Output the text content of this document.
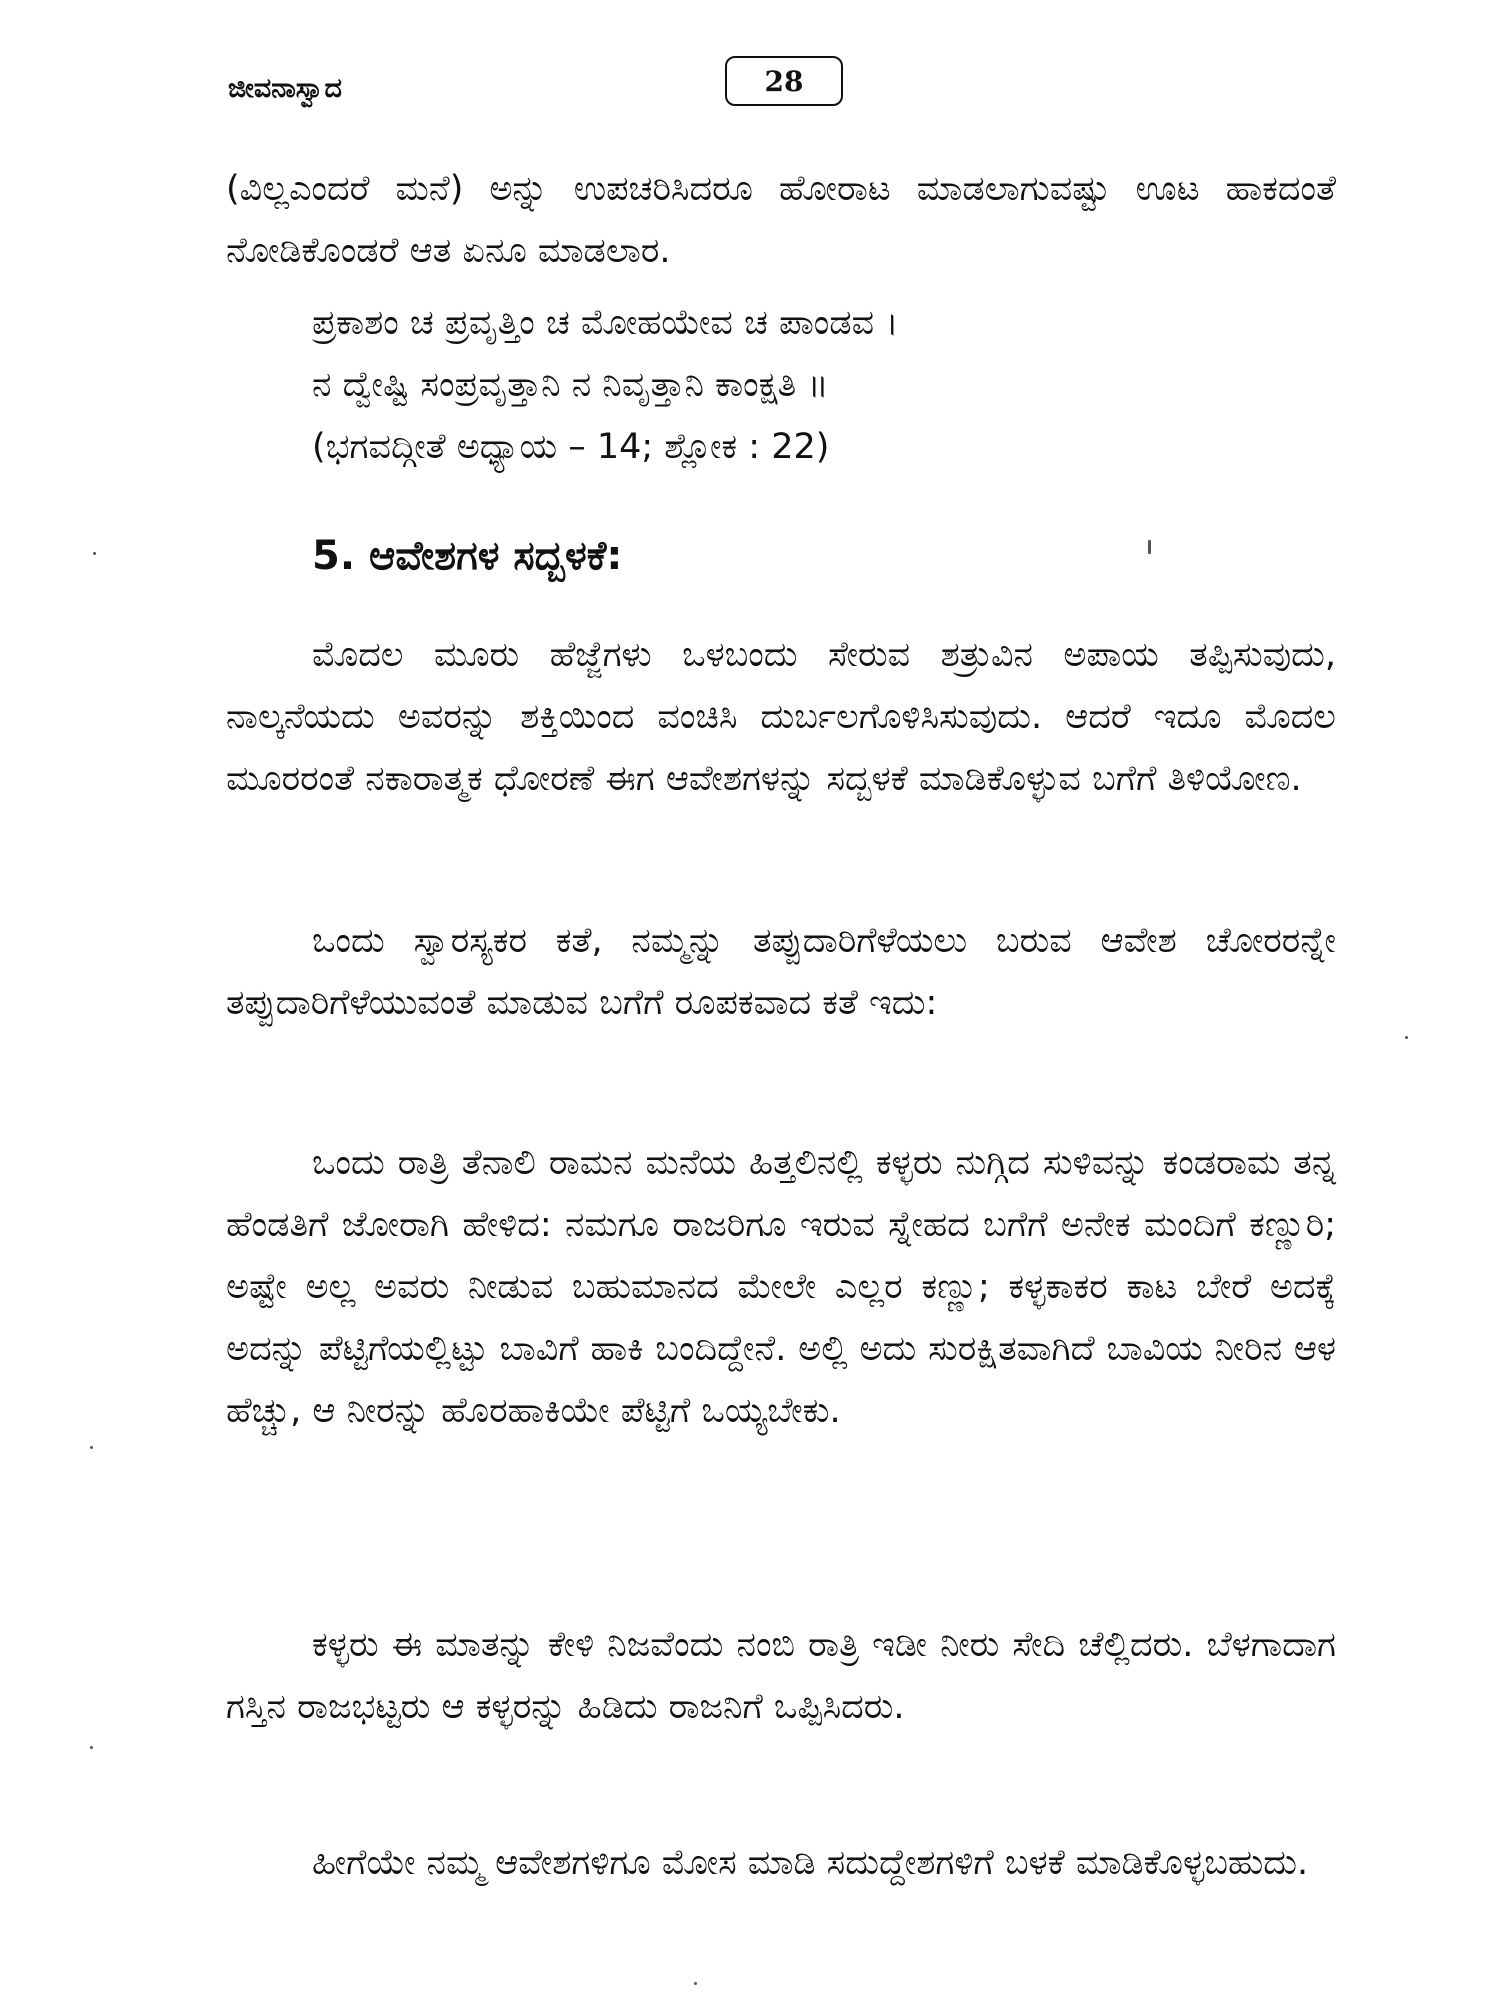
ಜೀವನಾಸ್ವಾದ	28

(ವಿಲ್ಲಎಂದರೆ ಮನೆ) ಅನ್ನು ಉಪಚರಿಸಿದರೂ ಹೋರಾಟ ಮಾಡಲಾಗುವಷ್ಟು ಊಟ ಹಾಕದಂತೆ ನೋಡಿಕೊಂಡರೆ ಆತ ಏನೂ ಮಾಡಲಾರ.

ಪ್ರಕಾಶಂ ಚ ಪ್ರವೃತ್ತಿಂ ಚ ಮೋಹಯೇವ ಚ ಪಾಂಡವ ।
ನ ದ್ವೇಷ್ಟಿ ಸಂಪ್ರವೃತ್ತಾನಿ ನ ನಿವೃತ್ತಾನಿ ಕಾಂಕ್ಷತಿ ॥
(ಭಗವದ್ಗೀತೆ ಅಧ್ಯಾಯ – 14; ಶ್ಲೋಕ : 22)
5. ಆವೇಶಗಳ ಸದ್ಬಳಕೆ:

ಮೊದಲ ಮೂರು ಹೆಜ್ಜೆಗಳು ಒಳಬಂದು ಸೇರುವ ಶತ್ರುವಿನ ಅಪಾಯ ತಪ್ಪಿಸುವುದು, ನಾಲ್ಕನೆಯದು ಅವರನ್ನು ಶಕ್ತಿಯಿಂದ ವಂಚಿಸಿ ದುರ್ಬಲಗೊಳಿಸಿಸುವುದು. ಆದರೆ ಇದೂ ಮೊದಲ ಮೂರರಂತೆ ನಕಾರಾತ್ಮಕ ಧೋರಣೆ ಈಗ ಆವೇಶಗಳನ್ನು ಸದ್ಬಳಕೆ ಮಾಡಿಕೊಳ್ಳುವ ಬಗೆಗೆ ತಿಳಿಯೋಣ.

ಒಂದು ಸ್ವಾರಸ್ಯಕರ ಕತೆ, ನಮ್ಮನ್ನು ತಪ್ಪುದಾರಿಗೆಳೆಯಲು ಬರುವ ಆವೇಶ ಚೋರರನ್ನೇ ತಪ್ಪುದಾರಿಗೆಳೆಯುವಂತೆ ಮಾಡುವ ಬಗೆಗೆ ರೂಪಕವಾದ ಕತೆ ಇದು:

ಒಂದು ರಾತ್ರಿ ತೆನಾಲಿ ರಾಮನ ಮನೆಯ ಹಿತ್ತಲಿನಲ್ಲಿ ಕಳ್ಳರು ನುಗ್ಗಿದ ಸುಳಿವನ್ನು ಕಂಡರಾಮ ತನ್ನ ಹೆಂಡತಿಗೆ ಜೋರಾಗಿ ಹೇಳಿದ: ನಮಗೂ ರಾಜರಿಗೂ ಇರುವ ಸ್ನೇಹದ ಬಗೆಗೆ ಅನೇಕ ಮಂದಿಗೆ ಕಣ್ಣುರಿ; ಅಷ್ಟೇ ಅಲ್ಲ ಅವರು ನೀಡುವ ಬಹುಮಾನದ ಮೇಲೇ ಎಲ್ಲರ ಕಣ್ಣು; ಕಳ್ಳಕಾಕರ ಕಾಟ ಬೇರೆ ಅದಕ್ಕೆ ಅದನ್ನು ಪೆಟ್ಟಿಗೆಯಲ್ಲಿಟ್ಟು ಬಾವಿಗೆ ಹಾಕಿ ಬಂದಿದ್ದೇನೆ. ಅಲ್ಲಿ ಅದು ಸುರಕ್ಷಿತವಾಗಿದೆ ಬಾವಿಯ ನೀರಿನ ಆಳ ಹೆಚ್ಚು, ಆ ನೀರನ್ನು ಹೊರಹಾಕಿಯೇ ಪೆಟ್ಟಿಗೆ ಒಯ್ಯಬೇಕು.

ಕಳ್ಳರು ಈ ಮಾತನ್ನು ಕೇಳಿ ನಿಜವೆಂದು ನಂಬಿ ರಾತ್ರಿ ಇಡೀ ನೀರು ಸೇದಿ ಚೆಲ್ಲಿದರು. ಬೆಳಗಾದಾಗ ಗಸ್ತಿನ ರಾಜಭಟ್ಟರು ಆ ಕಳ್ಳರನ್ನು ಹಿಡಿದು ರಾಜನಿಗೆ ಒಪ್ಪಿಸಿದರು.

ಹೀಗೆಯೇ ನಮ್ಮ ಆವೇಶಗಳಿಗೂ ಮೋಸ ಮಾಡಿ ಸದುದ್ದೇಶಗಳಿಗೆ ಬಳಕೆ ಮಾಡಿಕೊಳ್ಳಬಹುದು.
